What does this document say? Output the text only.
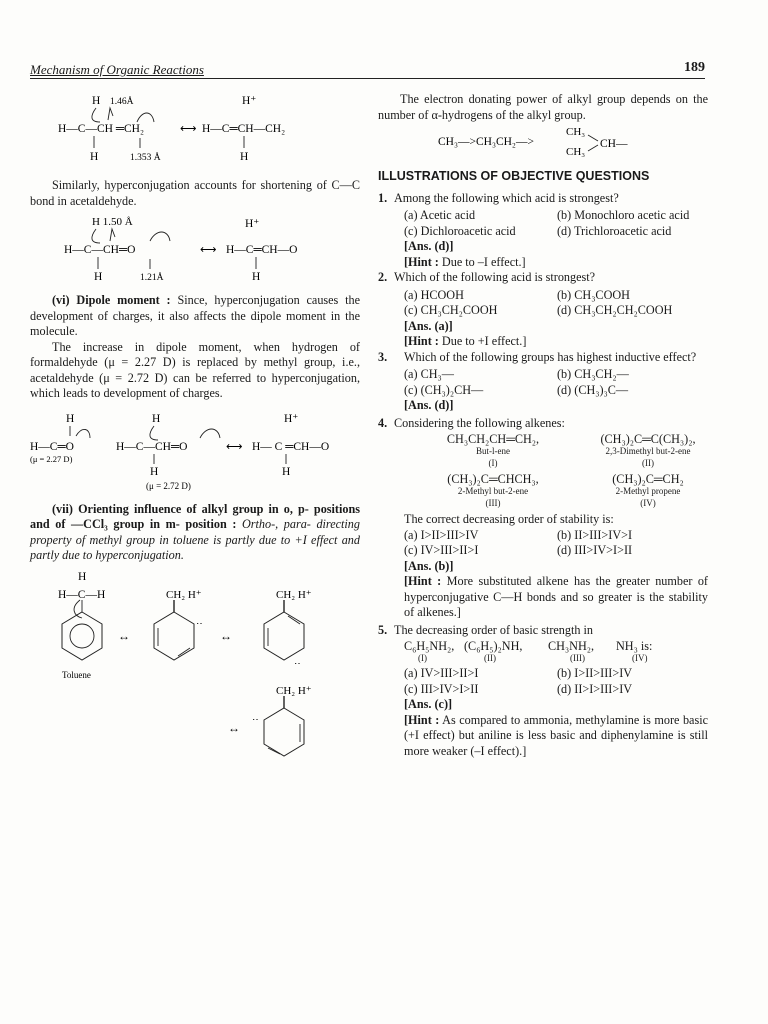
Mechanism of Organic Reactions	189
H 1.46Å	H⁺
H—C—CH ═CH₂	⟷ H—C═CH—CH₂
H	1.353 Å	H

Similarly, hyperconjugation accounts for shortening of C—C bond in acetaldehyde.

H 1.50 Å	H⁺
H—C—CH═O	⟷ H—C═CH—O
H	1.21Å	H

(vi) Dipole moment : Since, hyperconjugation causes the development of charges, it also affects the dipole moment in the molecule.

The increase in dipole moment, when hydrogen of formaldehyde (μ = 2.27 D) is replaced by methyl group, i.e., acetaldehyde (μ = 2.72 D) can be referred to hyperconjugation, which leads to development of charges.

H	H	H⁺
H—C═O	H—C—CH═O	⟷ H— C ═CH—O
(μ = 2.27 D)
H	H
(μ = 2.72 D)

(vii) Orienting influence of alkyl group in o, p- positions and of —CCl₃ group in m- position : Ortho-, para- directing property of methyl group in toluene is partly due to +I effect and partly due to hyperconjugation.

H
H—C—H
Toluene
↔
CH₂ H⁺
‥
↔
CH₂ H⁺
‥
CH₂ H⁺
‥
↔

The electron donating power of alkyl group depends on the number of α-hydrogens of the alkyl group.

CH₃—>CH₃CH₂—>
CH₃
CH₃
CH—
ILLUSTRATIONS OF OBJECTIVE QUESTIONS
1. Among the following which acid is strongest?
(a) Acetic acid	(b) Monochloro acetic acid
(c) Dichloroacetic acid	(d) Trichloroacetic acid
[Ans. (d)]
[Hint : Due to –I effect.]
2. Which of the following acid is strongest?
(a) HCOOH	(b) CH₃COOH
(c) CH₃CH₂COOH	(d) CH₃CH₂CH₂COOH
[Ans. (a)]
[Hint : Due to +I effect.]
3.	Which of the following groups has highest inductive effect?
(a) CH₃—	(b) CH₃CH₂—
(c) (CH₃)₂CH—	(d) (CH₃)₃C—
[Ans. (d)]
4. Considering the following alkenes:
CH₃CH₂CH═CH₂,
But-l-ene
(I)
(CH₃)₂C═C(CH₃)₂,
2,3-Dimethyl but-2-ene
(II)
(CH₃)₂C═CHCH₃,
2-Methyl but-2-ene
(III)
(CH₃)₂C═CH₂
2-Methyl propene
(IV)
The correct decreasing order of stability is:
(a) I>II>III>IV	(b) II>III>IV>I
(c) IV>III>II>I	(d) III>IV>I>II
[Ans. (b)]
[Hint : More substituted alkene has the greater number of hyperconjugative C—H bonds and so greater is the stability of alkenes.]
5. The decreasing order of basic strength in
C₆H₅NH₂, (C₆H₅)₂NH,	CH₃NH₂,	NH₃ is:
(I)	(II)	(III)	(IV)
(a) IV>III>II>I	(b) I>II>III>IV
(c) III>IV>I>II	(d) II>I>III>IV
[Ans. (c)]
[Hint : As compared to ammonia, methylamine is more basic (+I effect) but aniline is less basic and diphenylamine is still more weaker (–I effect).]
